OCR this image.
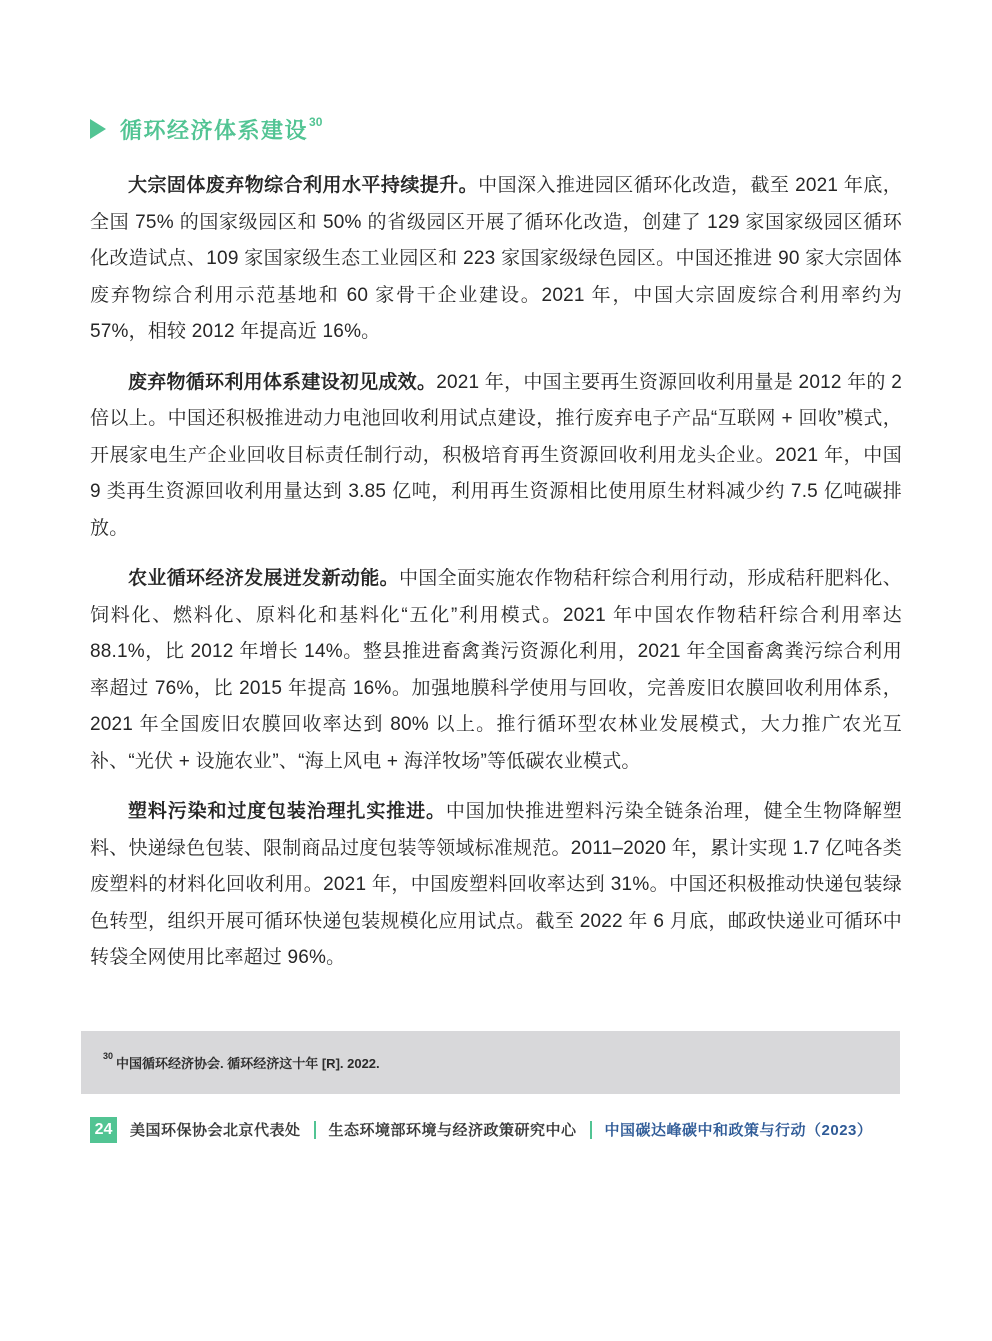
循环经济体系建设 30

大宗固体废弃物综合利用水平持续提升。中国深入推进园区循环化改造，截至 2021 年底，全国 75% 的国家级园区和 50% 的省级园区开展了循环化改造，创建了 129 家国家级园区循环化改造试点、109 家国家级生态工业园区和 223 家国家级绿色园区。中国还推进 90 家大宗固体废弃物综合利用示范基地和 60 家骨干企业建设。2021 年，中国大宗固废综合利用率约为 57%，相较 2012 年提高近 16%。

废弃物循环利用体系建设初见成效。2021 年，中国主要再生资源回收利用量是 2012 年的 2 倍以上。中国还积极推进动力电池回收利用试点建设，推行废弃电子产品“互联网 + 回收”模式，开展家电生产企业回收目标责任制行动，积极培育再生资源回收利用龙头企业。2021 年，中国 9 类再生资源回收利用量达到 3.85 亿吨，利用再生资源相比使用原生材料减少约 7.5 亿吨碳排放。

农业循环经济发展迸发新动能。中国全面实施农作物秸秆综合利用行动，形成秸秆肥料化、饲料化、燃料化、原料化和基料化“五化”利用模式。2021 年中国农作物秸秆综合利用率达 88.1%，比 2012 年增长 14%。整县推进畜禽粪污资源化利用，2021 年全国畜禽粪污综合利用率超过 76%，比 2015 年提高 16%。加强地膜科学使用与回收，完善废旧农膜回收利用体系，2021 年全国废旧农膜回收率达到 80% 以上。推行循环型农林业发展模式，大力推广农光互补、“光伏 + 设施农业”、“海上风电 + 海洋牧场”等低碳农业模式。

塑料污染和过度包装治理扎实推进。中国加快推进塑料污染全链条治理，健全生物降解塑料、快递绿色包装、限制商品过度包装等领域标准规范。2011–2020 年，累计实现 1.7 亿吨各类废塑料的材料化回收利用。2021 年，中国废塑料回收率达到 31%。中国还积极推动快递包装绿色转型，组织开展可循环快递包装规模化应用试点。截至 2022 年 6 月底，邮政快递业可循环中转袋全网使用比率超过 96%。

$^{30}$ 中国循环经济协会. 循环经济这十年 [R]. 2022.

24	美国环保协会北京代表处 生态环境部环境与经济政策研究中心 中国碳达峰碳中和政策与行动（2023）
